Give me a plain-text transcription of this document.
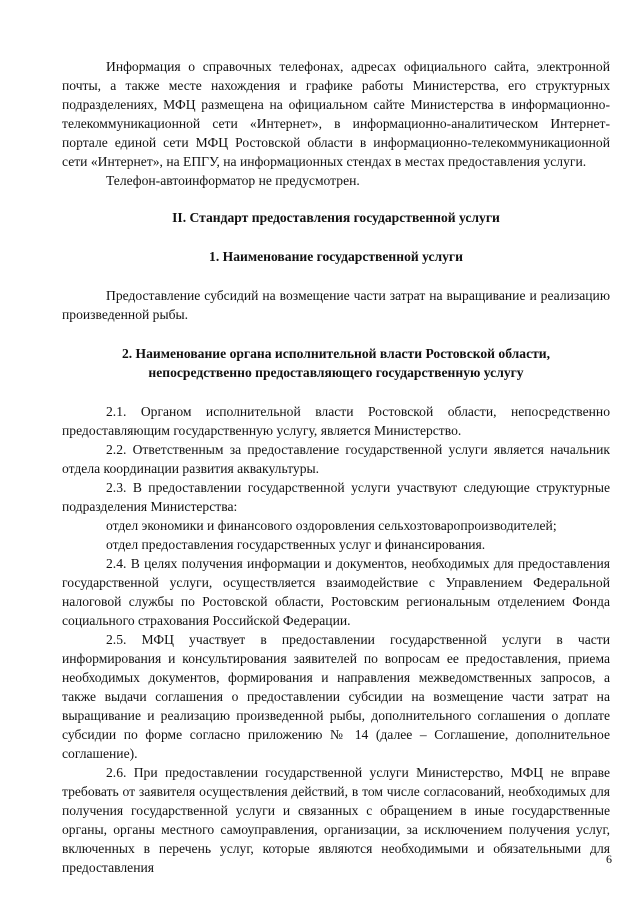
Информация о справочных телефонах, адресах официального сайта, электронной почты, а также месте нахождения и графике работы Министерства, его структурных подразделениях, МФЦ размещена на официальном сайте Министерства в информационно-телекоммуникационной сети «Интернет», в информационно-аналитическом Интернет-портале единой сети МФЦ Ростовской области в информационно-телекоммуникационной сети «Интернет», на ЕПГУ, на информационных стендах в местах предоставления услуги.

Телефон-автоинформатор не предусмотрен.

II. Стандарт предоставления государственной услуги

1. Наименование государственной услуги

Предоставление субсидий на возмещение части затрат на выращивание и реализацию произведенной рыбы.

2. Наименование органа исполнительной власти Ростовской области,

непосредственно предоставляющего государственную услугу

2.1. Органом исполнительной власти Ростовской области, непосредственно предоставляющим государственную услугу, является Министерство.

2.2. Ответственным за предоставление государственной услуги является начальник отдела координации развития аквакультуры.

2.3. В предоставлении государственной услуги участвуют следующие структурные подразделения Министерства:

отдел экономики и финансового оздоровления сельхозтоваропроизводителей;

отдел предоставления государственных услуг и финансирования.

2.4. В целях получения информации и документов, необходимых для предоставления государственной услуги, осуществляется взаимодействие с Управлением Федеральной налоговой службы по Ростовской области, Ростовским региональным отделением Фонда социального страхования Российской Федерации.

2.5. МФЦ участвует в предоставлении государственной услуги в части информирования и консультирования заявителей по вопросам ее предоставления, приема необходимых документов, формирования и направления межведомственных запросов, а также выдачи соглашения о предоставлении субсидии на возмещение части затрат на выращивание и реализацию произведенной рыбы, дополнительного соглашения о доплате субсидии по форме согласно приложению № 14 (далее – Соглашение, дополнительное соглашение).

2.6. При предоставлении государственной услуги Министерство, МФЦ не вправе требовать от заявителя осуществления действий, в том числе согласований, необходимых для получения государственной услуги и связанных с обращением в иные государственные органы, органы местного самоуправления, организации, за исключением получения услуг, включенных в перечень услуг, которые являются необходимыми и обязательными для предоставления

6
